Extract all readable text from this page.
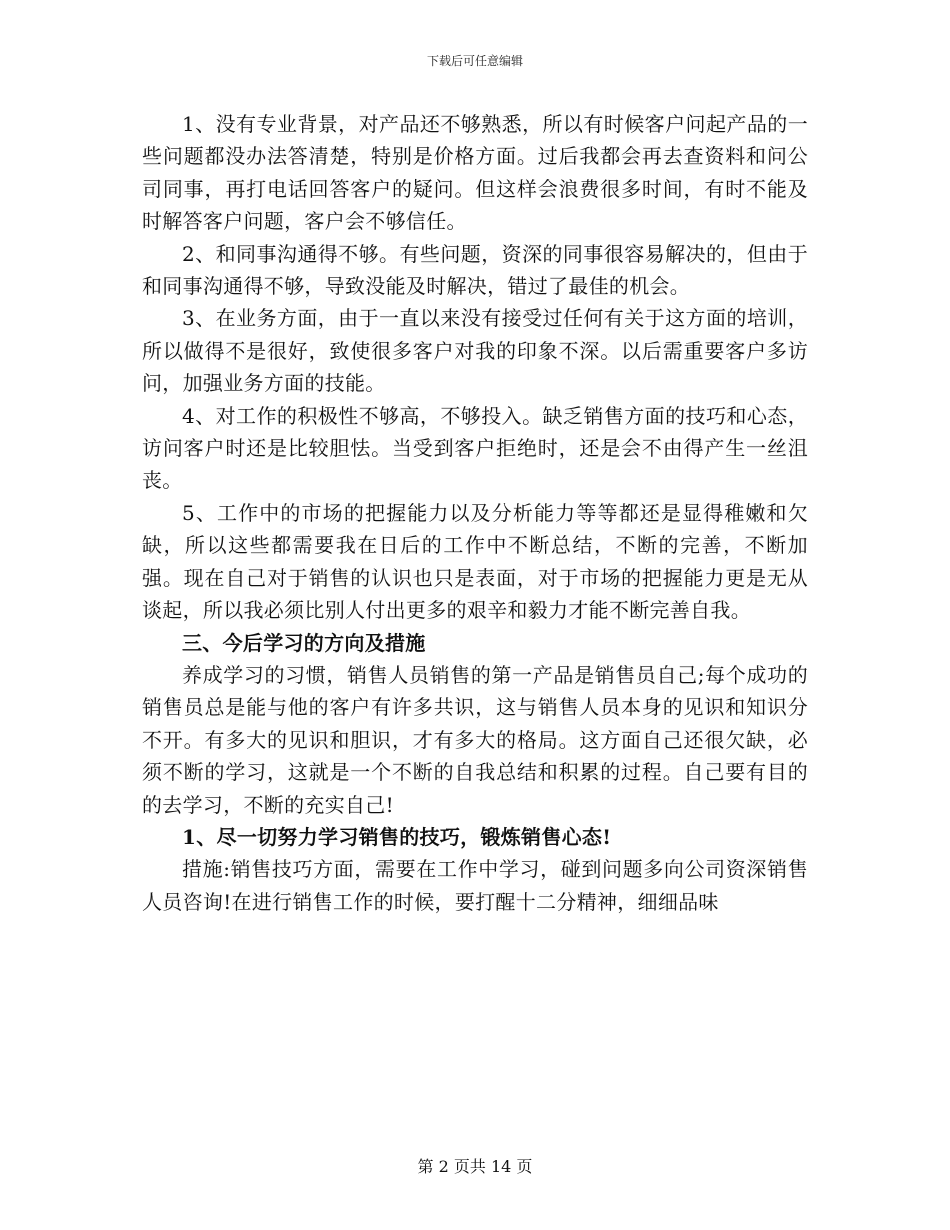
下载后可任意编辑

1、没有专业背景，对产品还不够熟悉，所以有时候客户问起产品的一些问题都没办法答清楚，特别是价格方面。过后我都会再去查资料和问公司同事，再打电话回答客户的疑问。但这样会浪费很多时间，有时不能及时解答客户问题，客户会不够信任。

2、和同事沟通得不够。有些问题，资深的同事很容易解决的，但由于和同事沟通得不够，导致没能及时解决，错过了最佳的机会。

3、在业务方面，由于一直以来没有接受过任何有关于这方面的培训，所以做得不是很好，致使很多客户对我的印象不深。以后需重要客户多访问，加强业务方面的技能。

4、对工作的积极性不够高，不够投入。缺乏销售方面的技巧和心态，访问客户时还是比较胆怯。当受到客户拒绝时，还是会不由得产生一丝沮丧。

5、工作中的市场的把握能力以及分析能力等等都还是显得稚嫩和欠缺，所以这些都需要我在日后的工作中不断总结，不断的完善，不断加强。现在自己对于销售的认识也只是表面，对于市场的把握能力更是无从谈起，所以我必须比别人付出更多的艰辛和毅力才能不断完善自我。

三、今后学习的方向及措施

养成学习的习惯，销售人员销售的第一产品是销售员自己;每个成功的销售员总是能与他的客户有许多共识，这与销售人员本身的见识和知识分不开。有多大的见识和胆识，才有多大的格局。这方面自己还很欠缺，必须不断的学习，这就是一个不断的自我总结和积累的过程。自己要有目的的去学习，不断的充实自己!

1、尽一切努力学习销售的技巧，锻炼销售心态!

措施:销售技巧方面，需要在工作中学习，碰到问题多向公司资深销售人员咨询!在进行销售工作的时候，要打醒十二分精神，细细品味

第 2 页共 14 页
